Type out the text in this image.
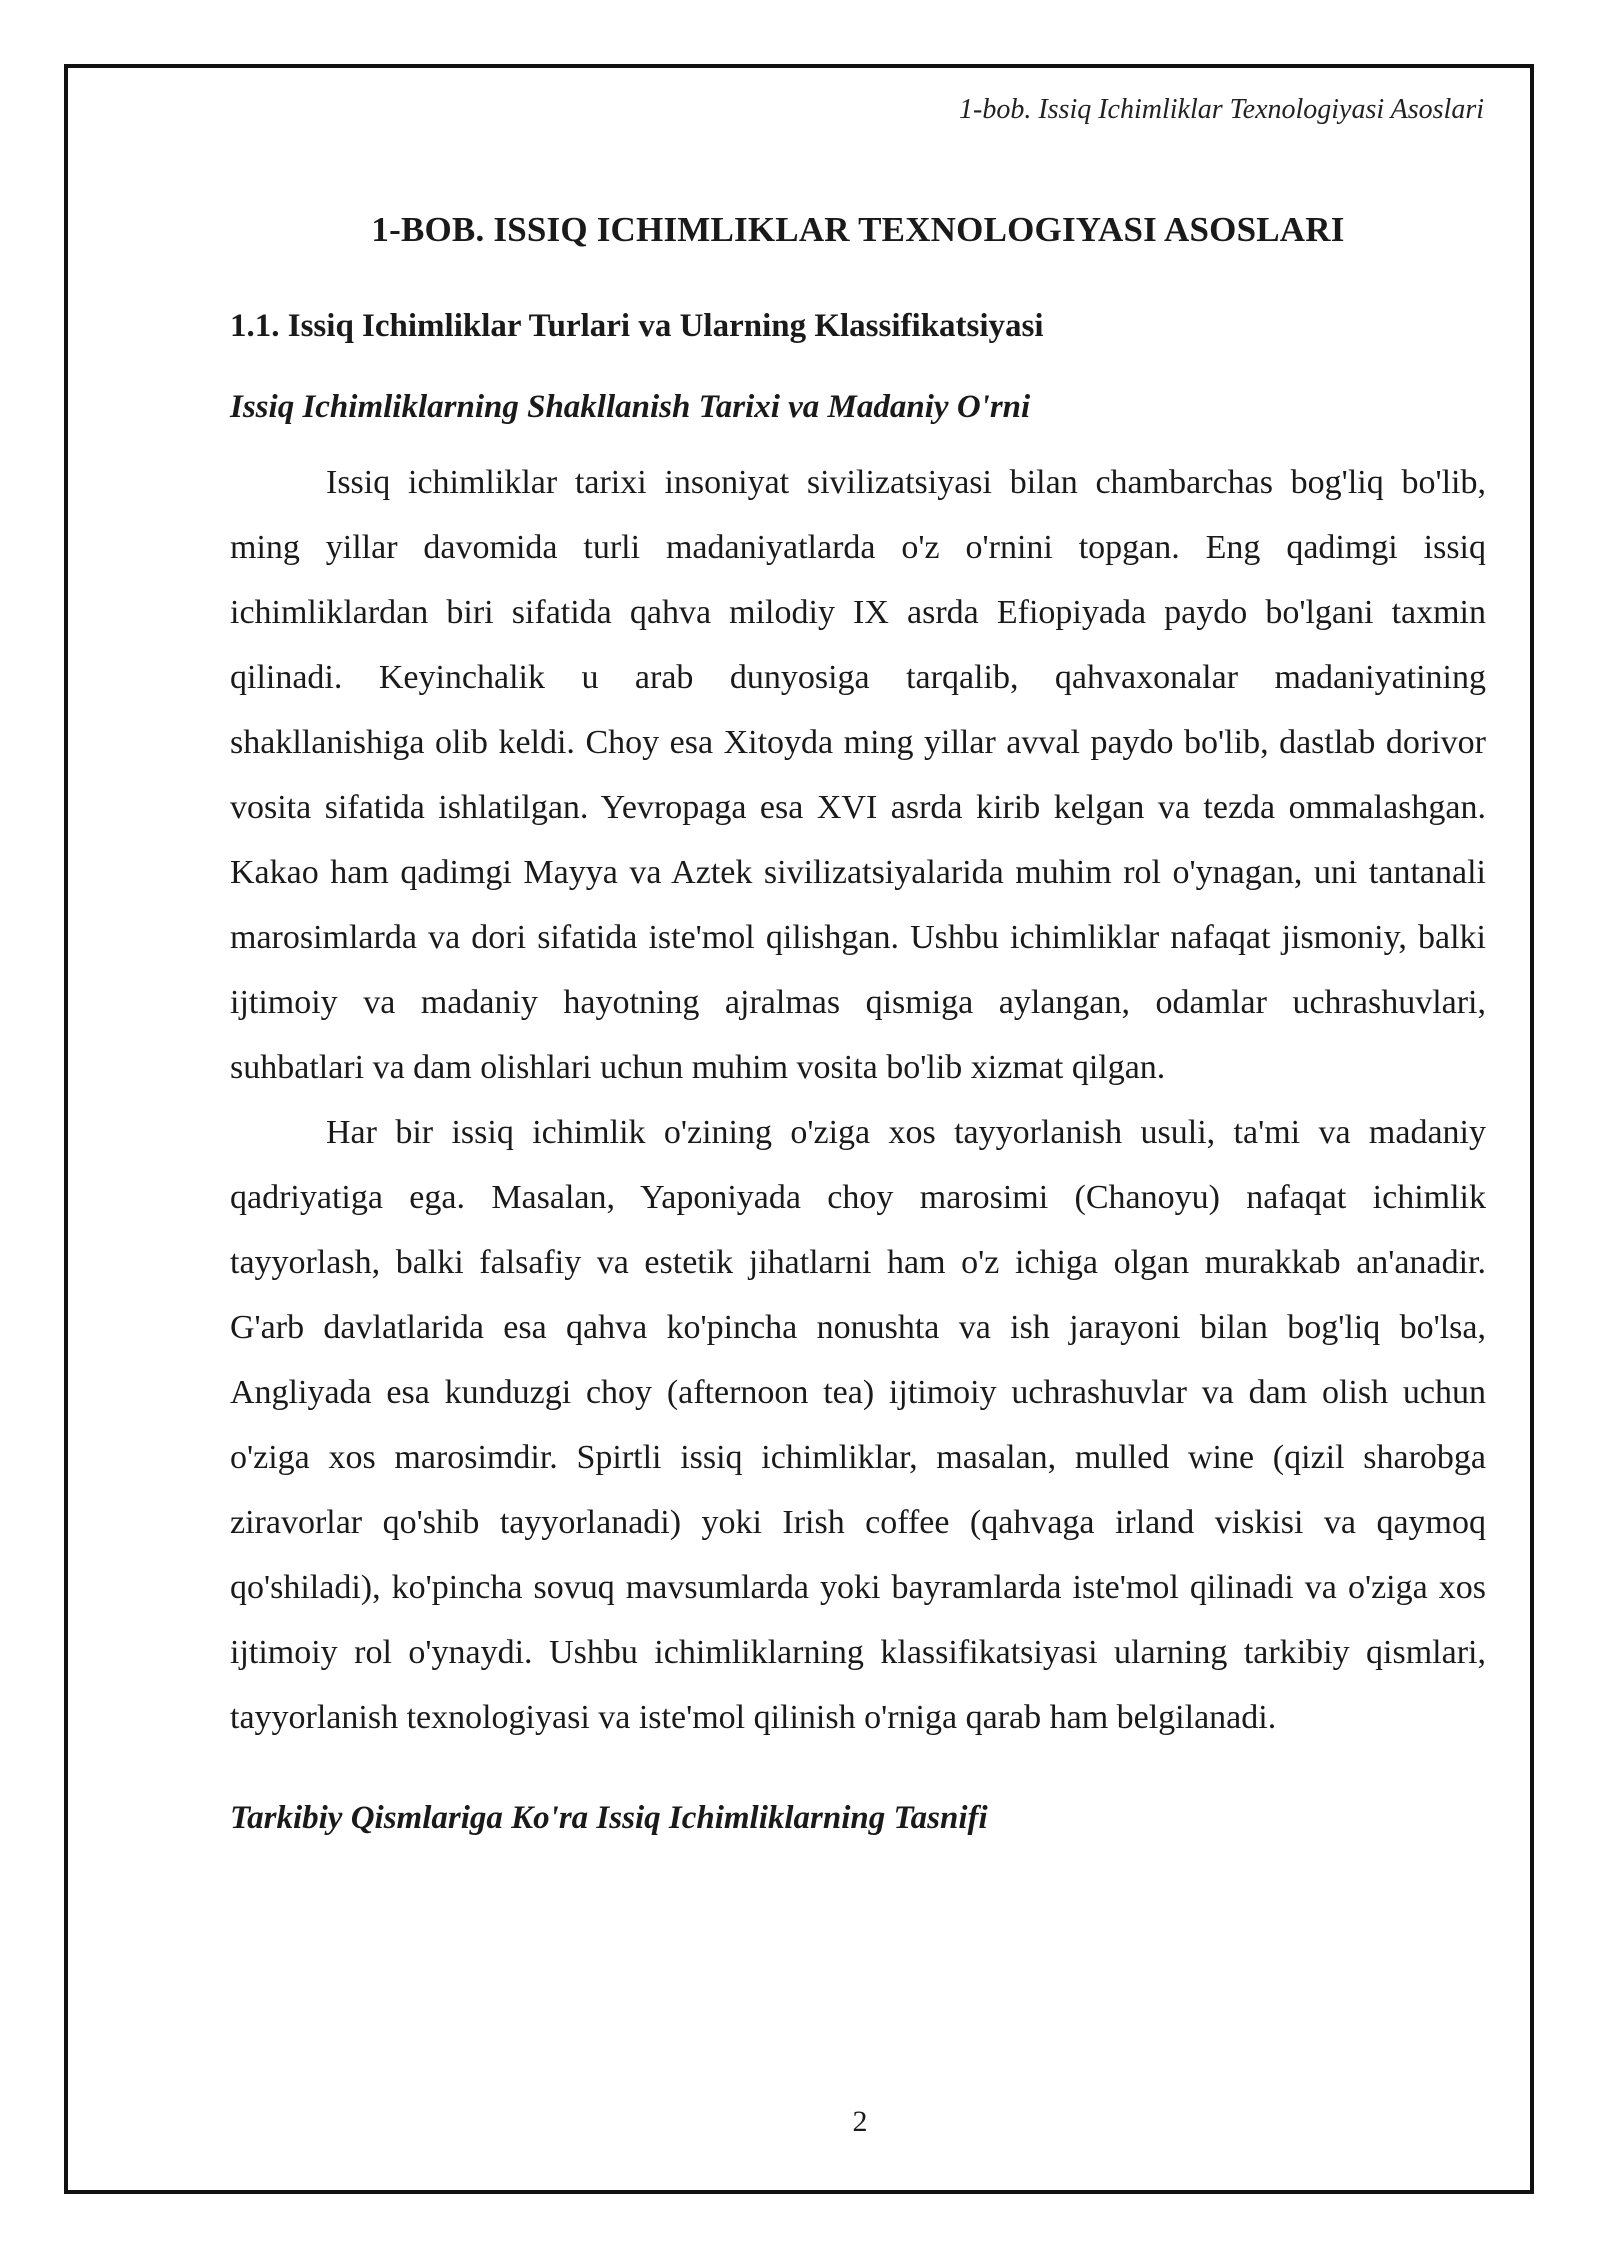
1-bob. Issiq Ichimliklar Texnologiyasi Asoslari
1-BOB. ISSIQ ICHIMLIKLAR TEXNOLOGIYASI ASOSLARI
1.1. Issiq Ichimliklar Turlari va Ularning Klassifikatsiyasi
Issiq Ichimliklarning Shakllanish Tarixi va Madaniy O'rni

Issiq ichimliklar tarixi insoniyat sivilizatsiyasi bilan chambarchas bog'liq bo'lib, ming yillar davomida turli madaniyatlarda o'z o'rnini topgan. Eng qadimgi issiq ichimliklardan biri sifatida qahva milodiy IX asrda Efiopiyada paydo bo'lgani taxmin qilinadi. Keyinchalik u arab dunyosiga tarqalib, qahvaxonalar madaniyatining shakllanishiga olib keldi. Choy esa Xitoyda ming yillar avval paydo bo'lib, dastlab dorivor vosita sifatida ishlatilgan. Yevropaga esa XVI asrda kirib kelgan va tezda ommalashgan. Kakao ham qadimgi Mayya va Aztek sivilizatsiyalarida muhim rol o'ynagan, uni tantanali marosimlarda va dori sifatida iste'mol qilishgan. Ushbu ichimliklar nafaqat jismoniy, balki ijtimoiy va madaniy hayotning ajralmas qismiga aylangan, odamlar uchrashuvlari, suhbatlari va dam olishlari uchun muhim vosita bo'lib xizmat qilgan.

Har bir issiq ichimlik o'zining o'ziga xos tayyorlanish usuli, ta'mi va madaniy qadriyatiga ega. Masalan, Yaponiyada choy marosimi (Chanoyu) nafaqat ichimlik tayyorlash, balki falsafiy va estetik jihatlarni ham o'z ichiga olgan murakkab an'anadir. G'arb davlatlarida esa qahva ko'pincha nonushta va ish jarayoni bilan bog'liq bo'lsa, Angliyada esa kunduzgi choy (afternoon tea) ijtimoiy uchrashuvlar va dam olish uchun o'ziga xos marosimdir. Spirtli issiq ichimliklar, masalan, mulled wine (qizil sharobga ziravorlar qo'shib tayyorlanadi) yoki Irish coffee (qahvaga irland viskisi va qaymoq qo'shiladi), ko'pincha sovuq mavsumlarda yoki bayramlarda iste'mol qilinadi va o'ziga xos ijtimoiy rol o'ynaydi. Ushbu ichimliklarning klassifikatsiyasi ularning tarkibiy qismlari, tayyorlanish texnologiyasi va iste'mol qilinish o'rniga qarab ham belgilanadi.

Tarkibiy Qismlariga Ko'ra Issiq Ichimliklarning Tasnifi
2
